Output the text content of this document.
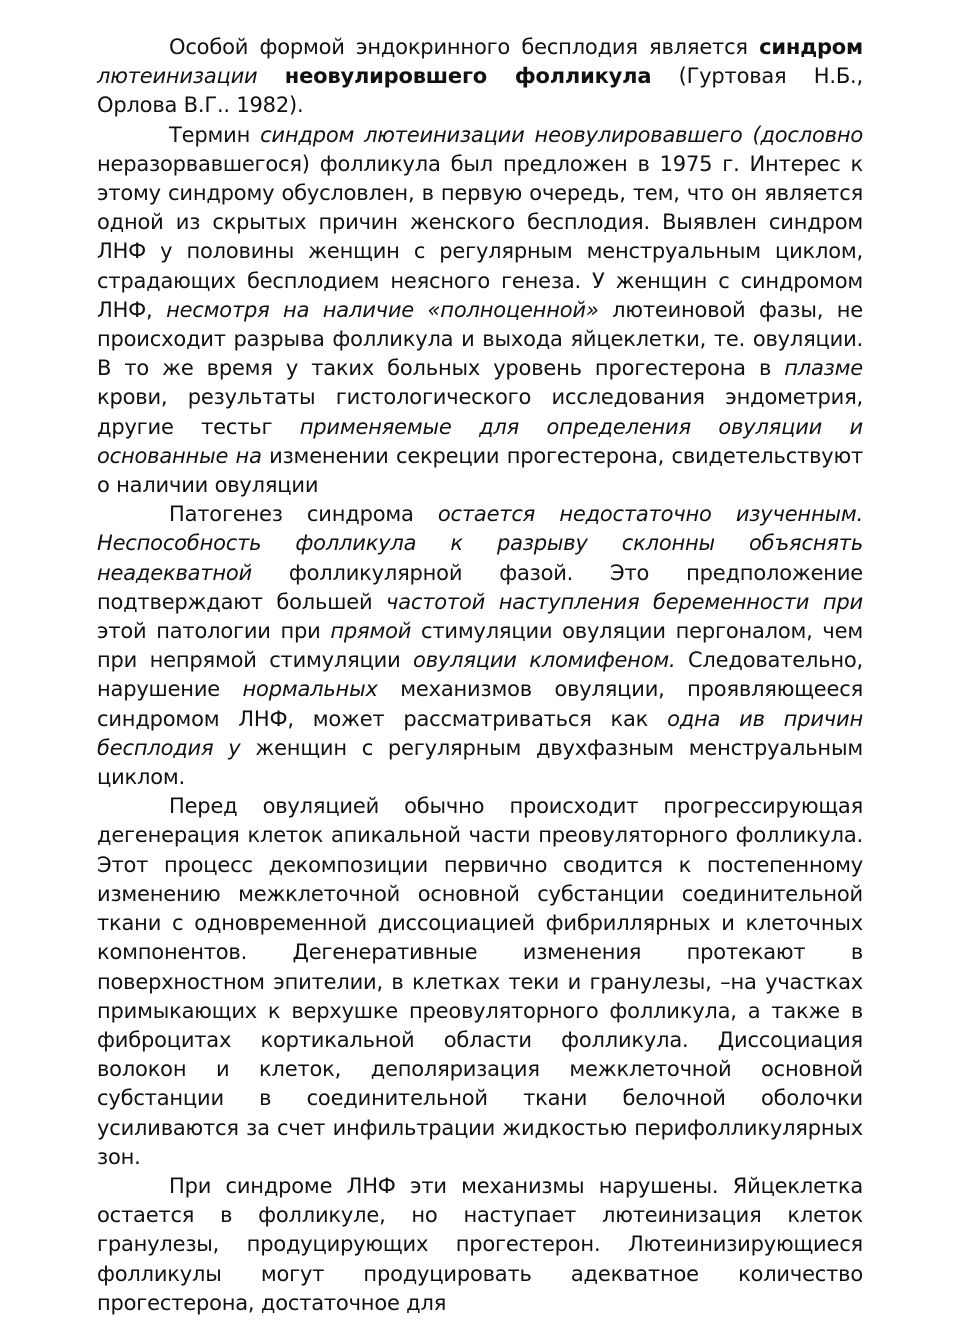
Особой формой эндокринного бесплодия является синдром лютеинизации неовулировшего фолликула (Гуртовая Н.Б., Орлова В.Г.. 1982).

Термин синдром лютеинизации неовулировавшего (дословно неразорвавшегося) фолликула был предложен в 1975 г. Интерес к этому синдрому обусловлен, в первую очередь, тем, что он является одной из скрытых причин женского бесплодия. Выявлен синдром ЛНФ у половины женщин с регулярным менструальным циклом, страдающих бесплодием неясного генеза. У женщин с синдромом ЛНФ, несмотря на наличие «полноценной» лютеиновой фазы, не происходит разрыва фолликула и выхода яйцеклетки, те. овуляции. В то же время у таких больных уровень прогестерона в плазме крови, результаты гистологического исследования эндометрия, другие тестьг применяемые для определения овуляции и основанные на изменении секреции прогестерона, свидетельствуют о наличии овуляции

Патогенез синдрома остается недостаточно изученным. Неспособность фолликула к разрыву склонны объяснять неадекватной фолликулярной фазой. Это предположение подтверждают большей частотой наступления беременности при этой патологии при прямой стимуляции овуляции пергоналом, чем при непрямой стимуляции овуляции кломифеном. Следовательно, нарушение нормальных механизмов овуляции, проявляющееся синдромом ЛНФ, может рассматриваться как одна ив причин бесплодия у женщин с регулярным двухфазным менструальным циклом.

Перед овуляцией обычно происходит прогрессирующая дегенерация клеток апикальной части преовуляторного фолликула. Этот процесс декомпозиции первично сводится к постепенному изменению межклеточной основной субстанции соединительной ткани с одновременной диссоциацией фибриллярных и клеточных компонентов. Дегенеративные изменения протекают в поверхностном эпителии, в клетках теки и гранулезы, –на участках примыкающих к верхушке преовуляторного фолликула, а также в фиброцитах кортикальной области фолликула. Диссоциация волокон и клеток, деполяризация межклеточной основной субстанции в соединительной ткани белочной оболочки усиливаются за счет инфильтрации жидкостью перифолликулярных зон.

При синдроме ЛНФ эти механизмы нарушены. Яйцеклетка остается в фолликуле, но наступает лютеинизация клеток гранулезы, продуцирующих прогестерон. Лютеинизирующиеся фолликулы могут продуцировать адекватное количество прогестерона, достаточное для
